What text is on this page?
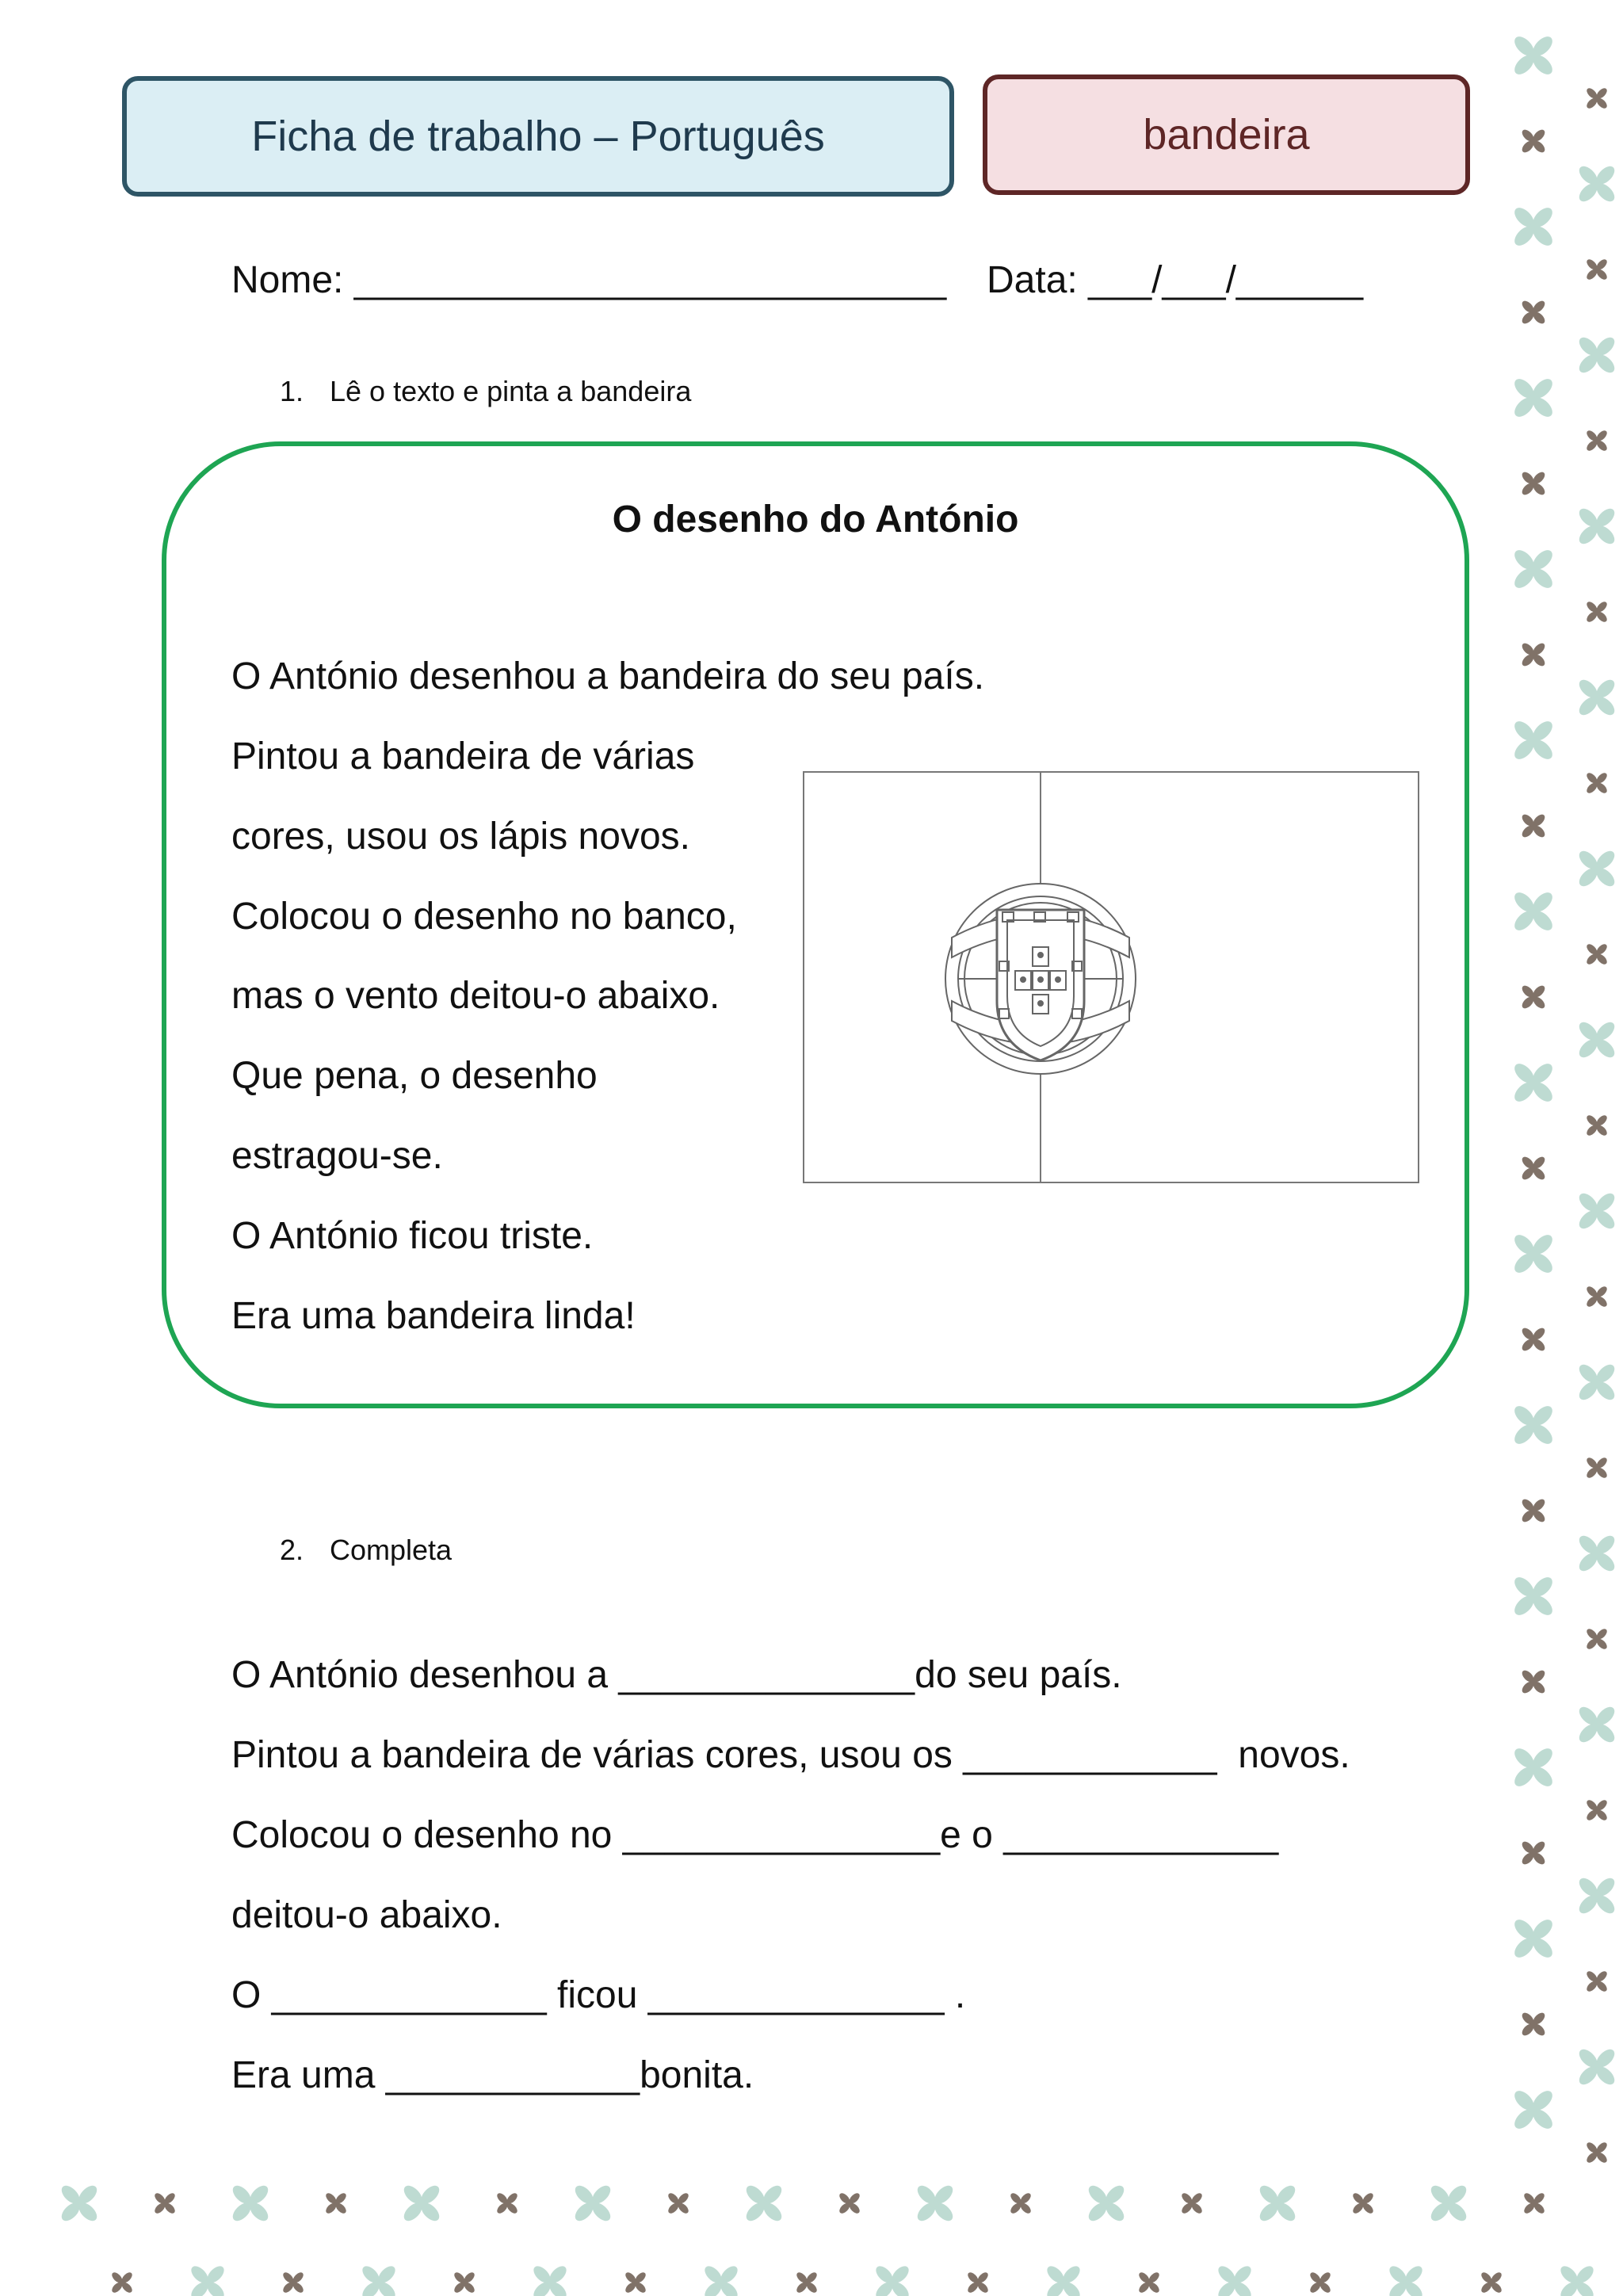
Ficha de trabalho – Português	bandeira
Nome: ____________________________ Data: ___/___/______
1. Lê o texto e pinta a bandeira
O desenho do António
O António desenhou a bandeira do seu país.
Pintou a bandeira de várias
cores, usou os lápis novos.
Colocou o desenho no banco,
mas o vento deitou-o abaixo.
Que pena, o desenho
estragou-se.
O António ficou triste.
Era uma bandeira linda!
2. Completa
O António desenhou a ______________do seu país.
Pintou a bandeira de várias cores, usou os ____________  novos.
Colocou o desenho no _______________e o _____________
deitou-o abaixo.
O _____________ ficou ______________ .
Era uma ____________bonita.
